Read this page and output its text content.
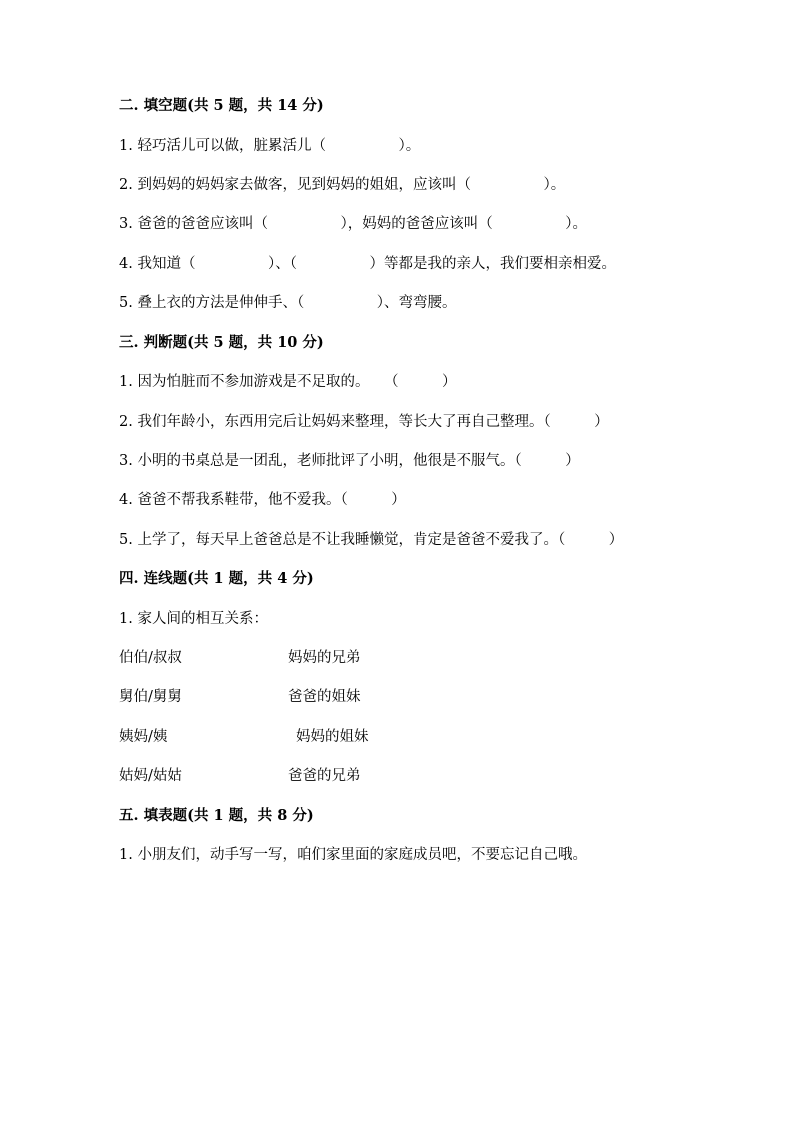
二. 填空题(共 5 题，共 14 分)
1. 轻巧活儿可以做，脏累活儿（　　　　　）。
2. 到妈妈的妈妈家去做客，见到妈妈的姐姐，应该叫（　　　　　）。
3. 爸爸的爸爸应该叫（　　　　　），妈妈的爸爸应该叫（　　　　　）。
4. 我知道（　　　　　）、（　　　　　）等都是我的亲人，我们要相亲相爱。
5. 叠上衣的方法是伸伸手、（　　　　　）、弯弯腰。
三. 判断题(共 5 题，共 10 分)
1. 因为怕脏而不参加游戏是不足取的。　　（　　　）
2. 我们年龄小，东西用完后让妈妈来整理，等长大了再自己整理。（　　　）
3. 小明的书桌总是一团乱，老师批评了小明，他很是不服气。（　　　）
4. 爸爸不帮我系鞋带，他不爱我。（　　　）
5. 上学了，每天早上爸爸总是不让我睡懒觉，肯定是爸爸不爱我了。（　　　）
四. 连线题(共 1 题，共 4 分)
1. 家人间的相互关系：
伯伯/叔叔	妈妈的兄弟
舅伯/舅舅	爸爸的姐妹
姨妈/姨	妈妈的姐妹
姑妈/姑姑	爸爸的兄弟
五. 填表题(共 1 题，共 8 分)
1. 小朋友们，动手写一写，咱们家里面的家庭成员吧，不要忘记自己哦。
